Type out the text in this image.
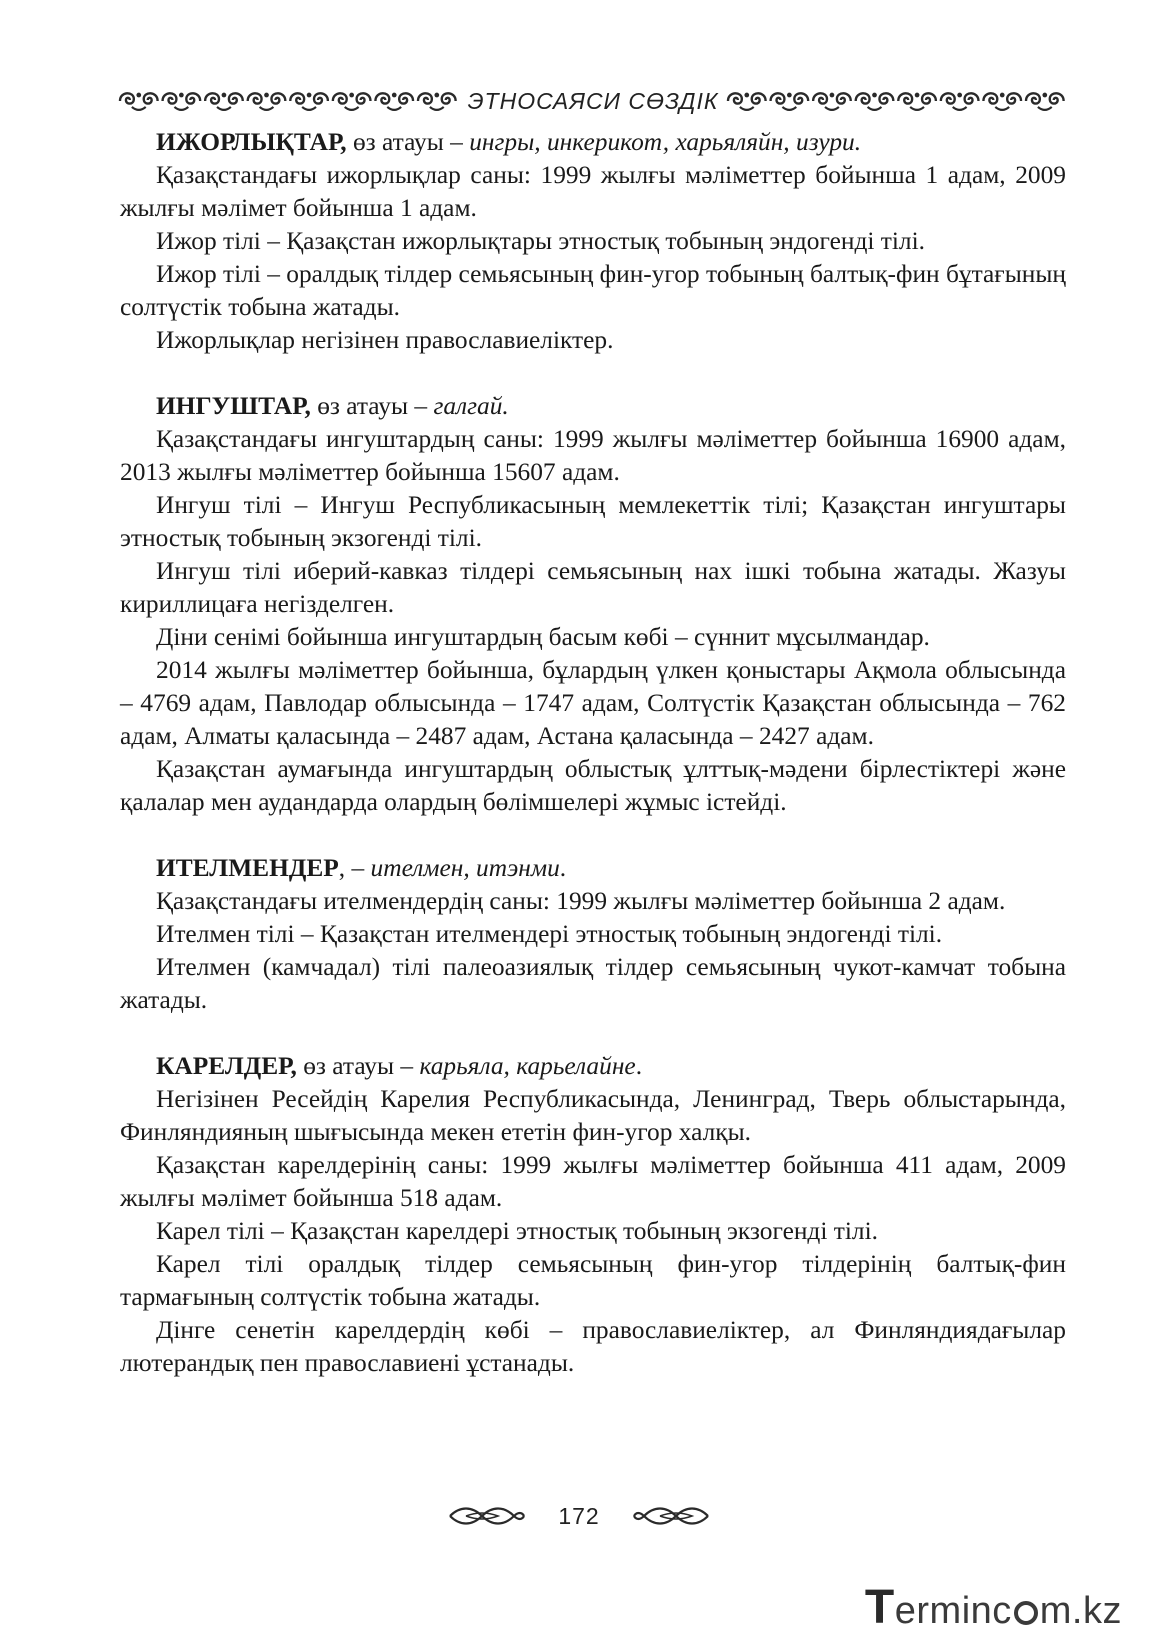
ЭТНОСАЯСИ СӨЗДІК

ИЖОРЛЫҚТАР, өз атауы – ингры, инкерикот, харьяляйн, изури.

Қазақстандағы ижорлықлар саны: 1999 жылғы мәліметтер бойынша 1 адам, 2009 жылғы мәлімет бойынша 1 адам.

Ижор тілі – Қазақстан ижорлықтары этностық тобының эндогенді тілі.

Ижор тілі – оралдық тілдер семьясының фин-угор тобының балтық-фин бұтағының солтүстік тобына жатады.

Ижорлықлар негізінен православиеліктер.

ИНГУШТАР, өз атауы – галгай.

Қазақстандағы ингуштардың саны: 1999 жылғы мәліметтер бойынша 16900 адам, 2013 жылғы мәліметтер бойынша 15607 адам.

Ингуш тілі – Ингуш Республикасының мемлекеттік тілі; Қазақстан ингуштары этностық тобының экзогенді тілі.

Ингуш тілі иберий-кавказ тілдері семьясының нах ішкі тобына жатады. Жазуы кириллицаға негізделген.

Діни сенімі бойынша ингуштардың басым көбі – сүннит мұсылмандар.

2014 жылғы мәліметтер бойынша, бұлардың үлкен қоныстары Ақмола облысында – 4769 адам, Павлодар облысында – 1747 адам, Солтүстік Қазақстан облысында – 762 адам, Алматы қаласында – 2487 адам, Астана қаласында – 2427 адам.

Қазақстан аумағында ингуштардың облыстық ұлттық-мәдени бірлестіктері және қалалар мен аудандарда олардың бөлімшелері жұмыс істейді.

ИТЕЛМЕНДЕР, – ителмен, итэнми.

Қазақстандағы ителмендердің саны: 1999 жылғы мәліметтер бойынша 2 адам.

Ителмен тілі – Қазақстан ителмендері этностық тобының эндогенді тілі.

Ителмен (камчадал) тілі палеоазиялық тілдер семьясының чукот-камчат тобына жатады.

КАРЕЛДЕР, өз атауы – карьяла, карьелайне.

Негізінен Ресейдің Карелия Республикасында, Ленинград, Тверь облыстарында, Финляндияның шығысында мекен ететін фин-угор халқы.

Қазақстан карелдерінің саны: 1999 жылғы мәліметтер бойынша 411 адам, 2009 жылғы мәлімет бойынша 518 адам.

Карел тілі – Қазақстан карелдері этностық тобының экзогенді тілі.

Карел тілі оралдық тілдер семьясының фин-угор тілдерінің балтық-фин тармағының солтүстік тобына жатады.

Дінге сенетін карелдердің көбі – православиеліктер, ал Финляндиядағылар лютерандық пен православиені ұстанады.

172
T erminc m.kz
